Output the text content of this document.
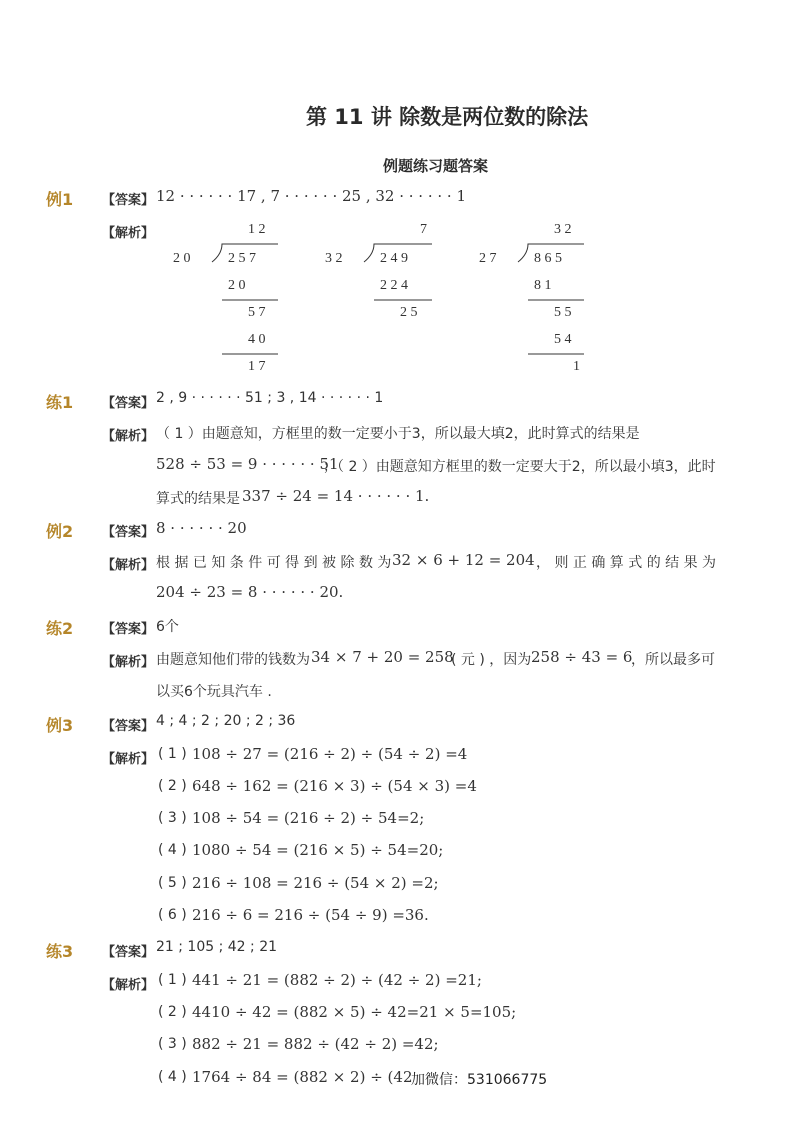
第 11 讲 除数是两位数的除法
例题练习题答案
例1 【答案】 12 · · · · · · 17 , 7 · · · · · · 25 , 32 · · · · · · 1
【解析】	1 2
2 0	2 5 7
2 0
5 7
4 0
1 7
7
3 2	2 4 9
2 2 4
2 5
3 2
2 7	8 6 5
8 1
5 5
5 4
1
练1 【答案】 2 , 9 · · · · · · 51 ; 3 , 14 · · · · · · 1
【解析】 （ 1 ）由题意知，方框里的数一定要小于3，所以最大填2，此时算式的结果是
528 ÷ 53 = 9 · · · · · · 51
；（ 2 ）由题意知方框里的数一定要大于2，所以最小填3，此时
算式的结果是 337 ÷ 24 = 14 · · · · · · 1.
例2 【答案】 8 · · · · · · 20
【解析】 根 据 已 知 条 件 可 得 到 被 除 数 为 32 × 6 + 12 = 204 ， 则 正 确 算 式 的 结 果 为
204 ÷ 23 = 8 · · · · · · 20.
练2 【答案】 6个
【解析】 由题意知他们带的钱数为 34 × 7 + 20 = 258
( 元 ) ，因为 258 ÷ 43 = 6
，所以最多可
以买6个玩具汽车 .
例3 【答案】 4 ; 4 ; 2 ; 20 ; 2 ; 36
【解析】 ( 1 ) 108 ÷ 27 = (216 ÷ 2) ÷ (54 ÷ 2) =4
( 2 ) 648 ÷ 162 = (216 × 3) ÷ (54 × 3) =4
( 3 ) 108 ÷ 54 = (216 ÷ 2) ÷ 54=2;
( 4 ) 1080 ÷ 54 = (216 × 5) ÷ 54=20;
( 5 ) 216 ÷ 108 = 216 ÷ (54 × 2) =2;
( 6 ) 216 ÷ 6 = 216 ÷ (54 ÷ 9) =36.
练3 【答案】 21 ; 105 ; 42 ; 21
【解析】 ( 1 ) 441 ÷ 21 = (882 ÷ 2) ÷ (42 ÷ 2) =21;
( 2 ) 4410 ÷ 42 = (882 × 5) ÷ 42=21 × 5=105;
( 3 ) 882 ÷ 21 = 882 ÷ (42 ÷ 2) =42;
( 4 ) 1764 ÷ 84 = (882 × 2) ÷ (42
加微信：531066775
